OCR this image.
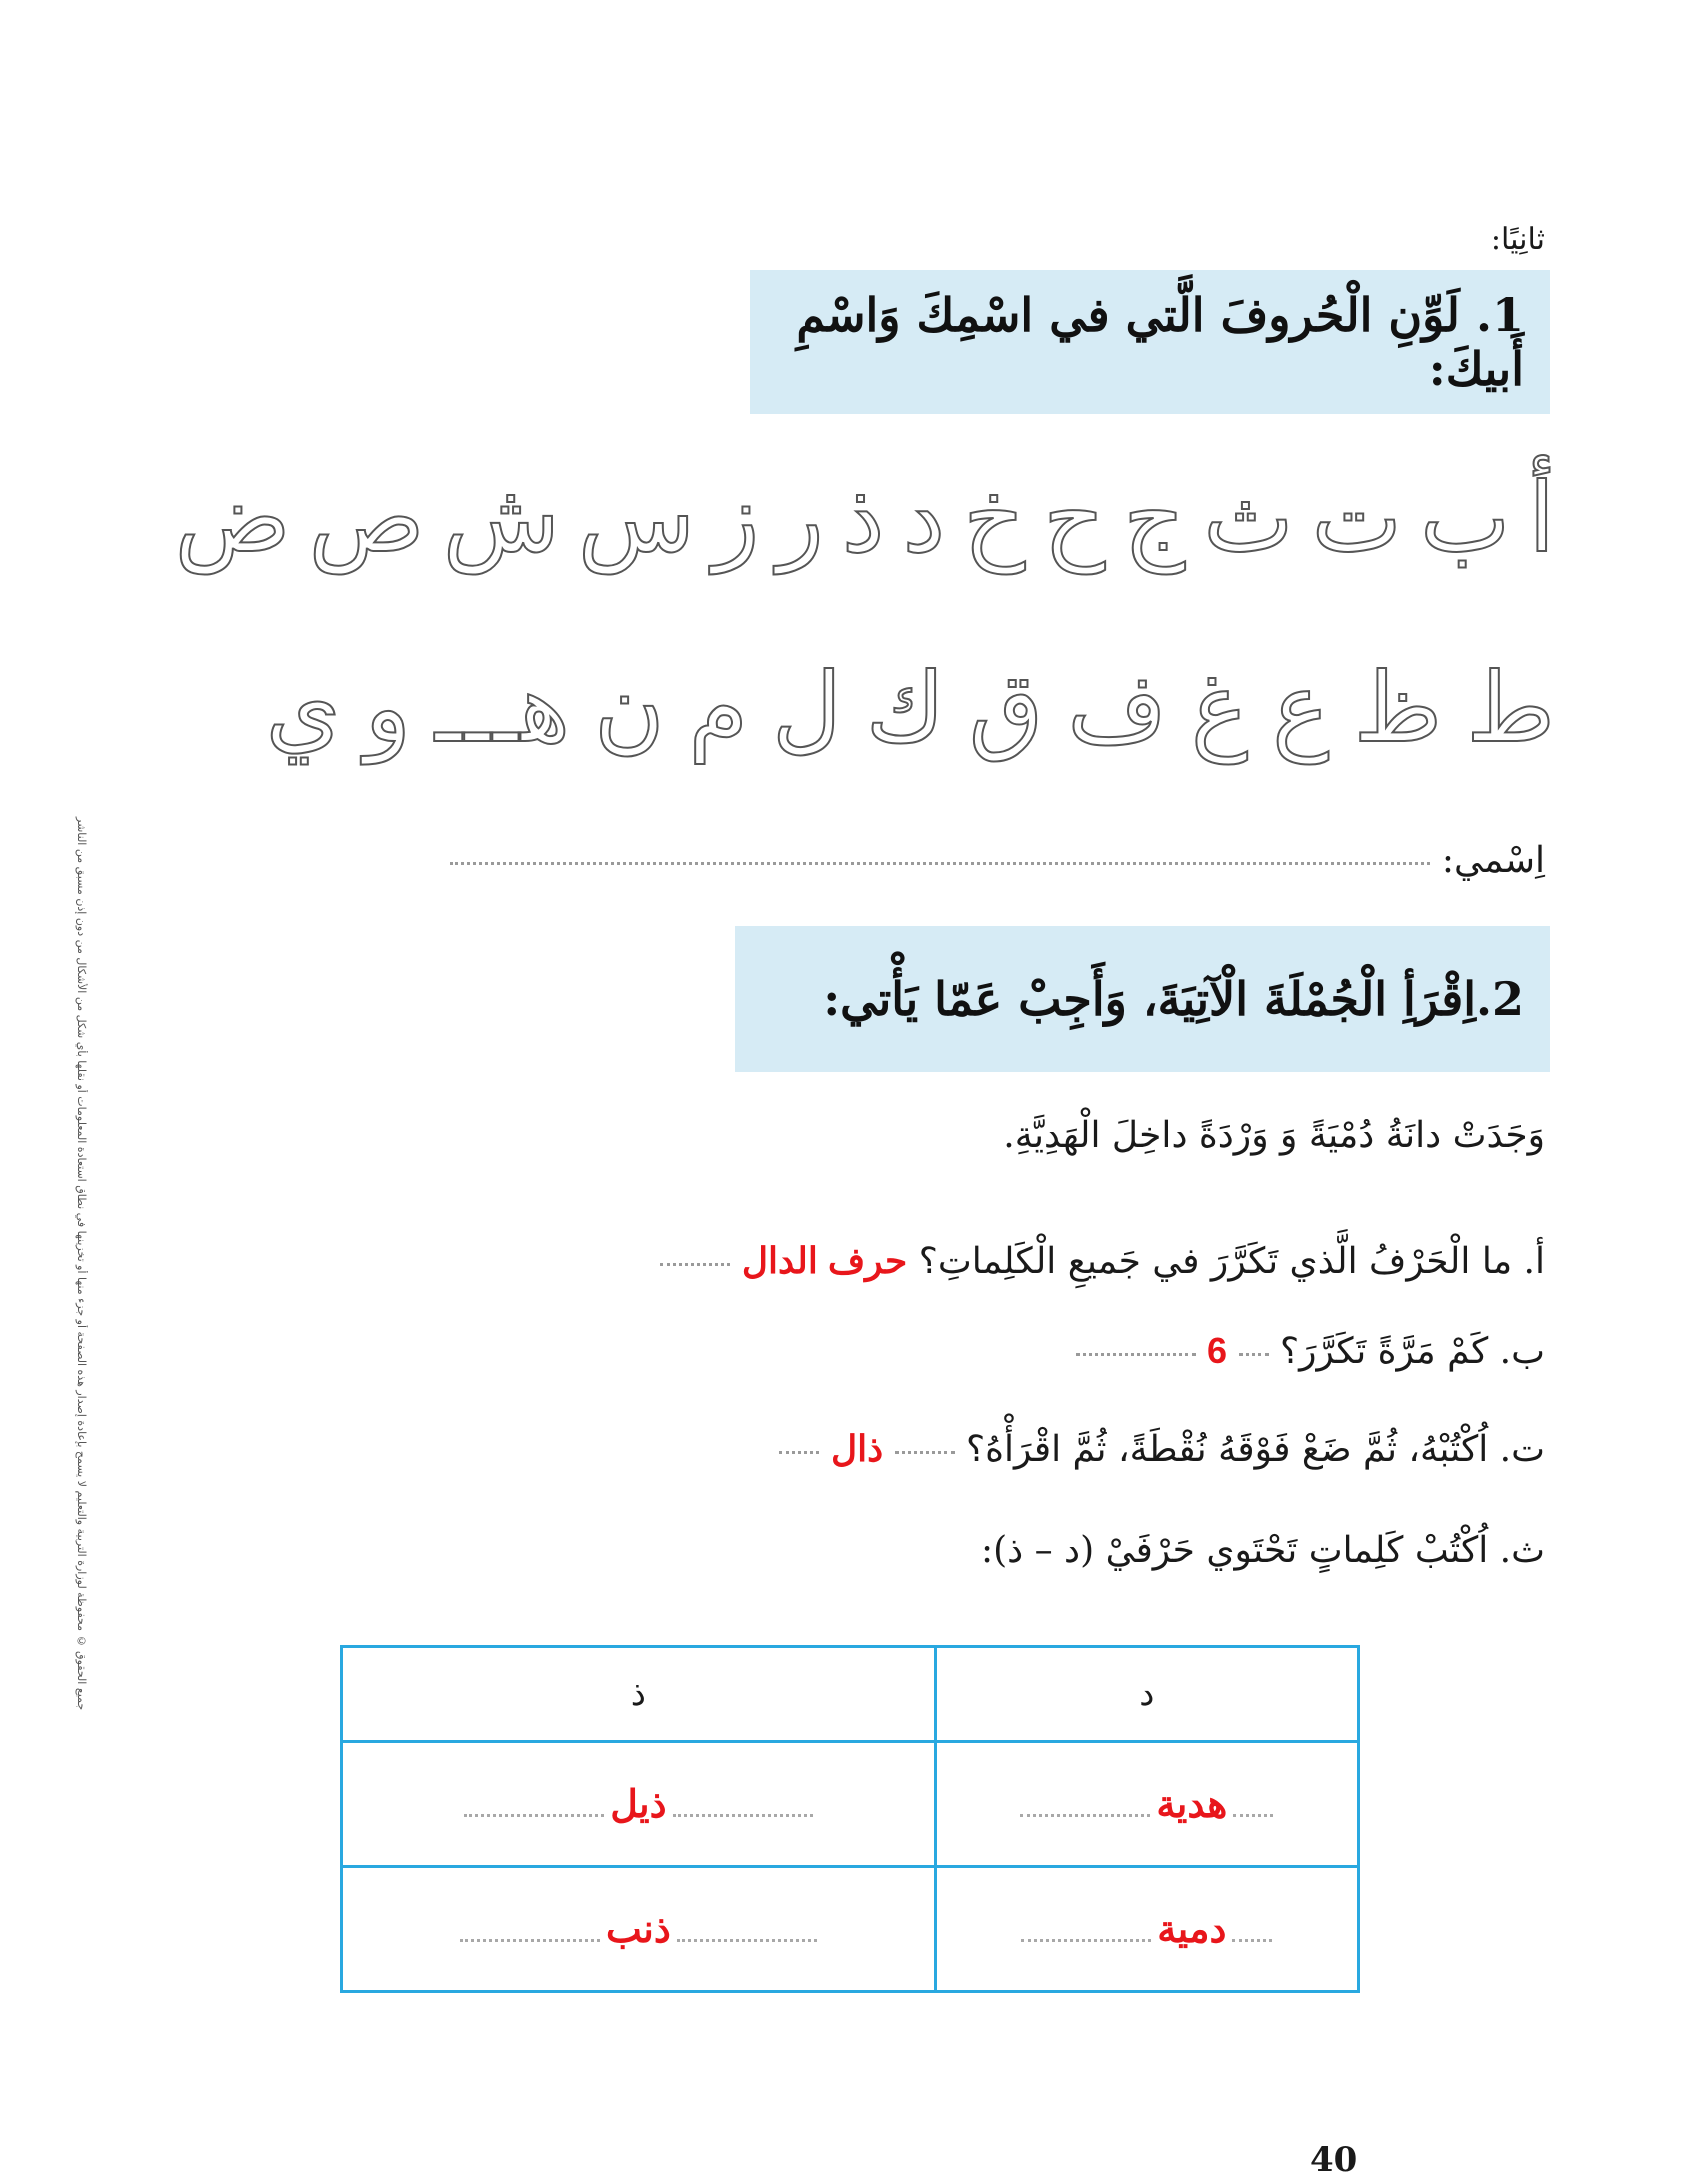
جميع الحقوق © محفوظة لوزارة التربية والتعليم لا يسمح بإعادة إصدار هذه الصفحة أو جزء منها أو تخزينها في نطاق استعادة المعلومات أو نقلها بأي شكل من الأشكال من دون إذن مسبق من الناشر
ثانِيًا:
1. لَوِّنِ الْحُروفَ الَّتي في اسْمِكَ وَاسْمِ أَبيكَ:
أ
ب
ت
ث
ج
ح
خ
د
ذ
ر
ز
س
ش
ص
ض
ط
ظ
ع
غ
ف
ق
ك
ل
م
ن
هـــ
و
ي
اِسْمي:
2.اِقْرَأِ الْجُمْلَةَ الْآتِيَةَ، وَأَجِبْ عَمّا يَأْتي:
وَجَدَتْ دانَةُ دُمْيَةً وَ وَرْدَةً داخِلَ الْهَدِيَّةِ.
أ. ما الْحَرْفُ الَّذي تَكَرَّرَ في جَميعِ الْكَلِماتِ؟ حرف الدال
ب. كَمْ مَرَّةً تَكَرَّرَ؟  6
ت. اُكْتُبْهُ، ثُمَّ ضَعْ فَوْقَهُ نُقْطَةً، ثُمَّ اقْرَأْهُ؟  ذال
ث. اُكْتُبْ كَلِماتٍ تَحْتَوي حَرْفَيْ (د – ذ):
د	ذ

هدية	ذيل

دمية	ذنب
40
